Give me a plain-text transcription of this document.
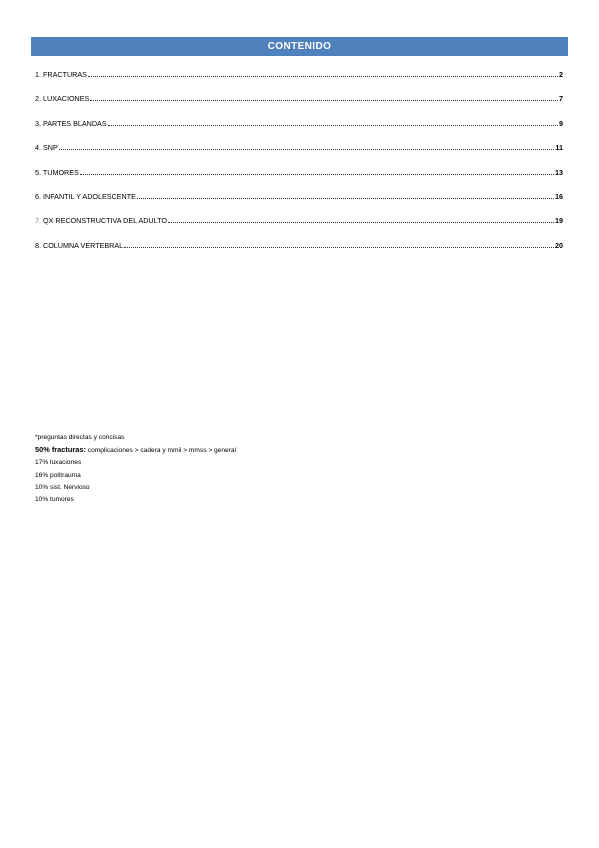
CONTENIDO
1. FRACTURAS	2
2. LUXACIONES	7
3. PARTES BLANDAS	9
4. SNP	11
5. TUMORES	13
6. INFANTIL Y ADOLESCENTE	16
7. QX RECONSTRUCTIVA DEL ADULTO	19
8. COLUMNA VERTEBRAL	20
*preguntas directas y concisas
50% fracturas: complicaciones > cadera y mmii > mmss > general
17% luxaciones
16% politrauma
10% sist. Nervioso
10% tumores
